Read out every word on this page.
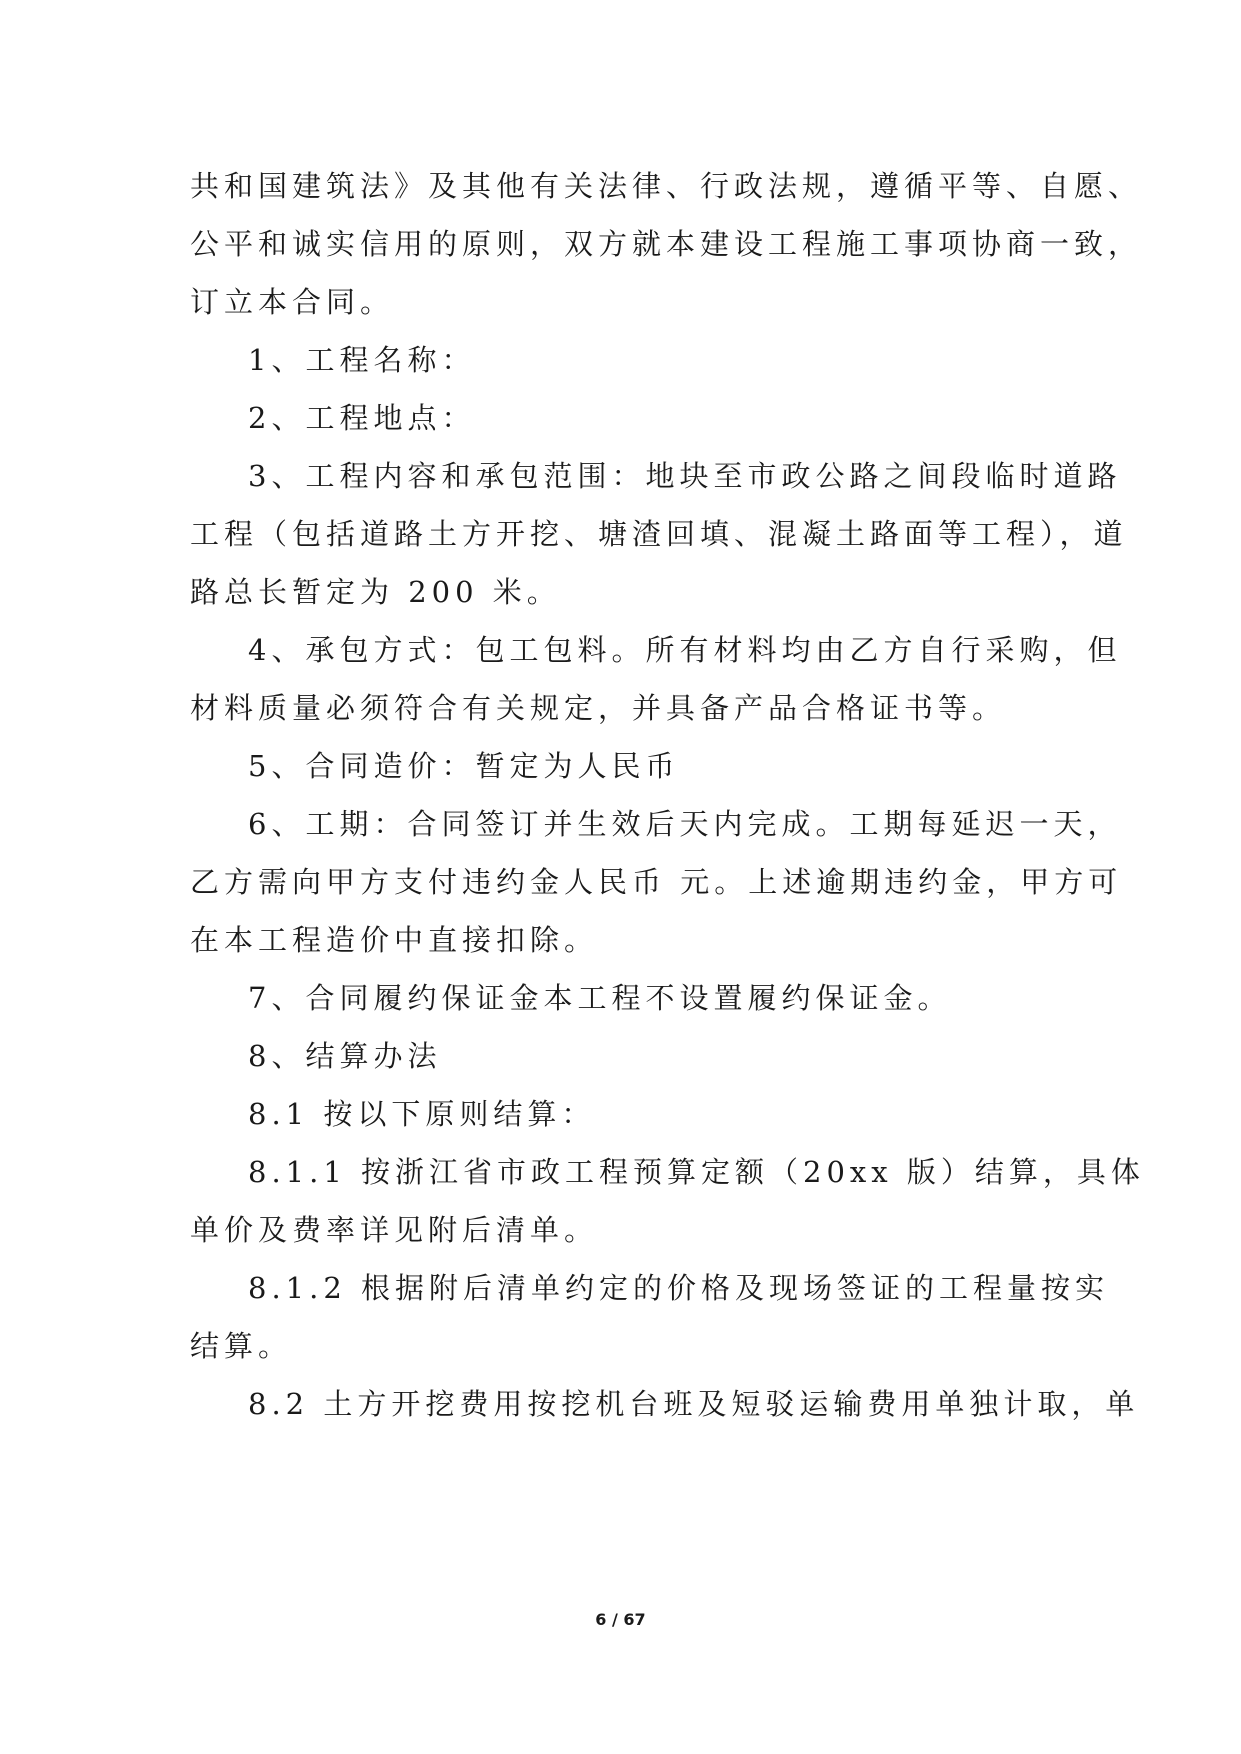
共和国建筑法》及其他有关法律、行政法规，遵循平等、自愿、

公平和诚实信用的原则，双方就本建设工程施工事项协商一致，

订立本合同。

1、工程名称：

2、工程地点：

3、工程内容和承包范围：地块至市政公路之间段临时道路

工程（包括道路土方开挖、塘渣回填、混凝土路面等工程），道

路总长暂定为 200 米。

4、承包方式：包工包料。所有材料均由乙方自行采购，但

材料质量必须符合有关规定，并具备产品合格证书等。

5、合同造价：暂定为人民币

6、工期：合同签订并生效后天内完成。工期每延迟一天，

乙方需向甲方支付违约金人民币 元。上述逾期违约金，甲方可

在本工程造价中直接扣除。

7、合同履约保证金本工程不设置履约保证金。

8、结算办法

8.1 按以下原则结算：

8.1.1 按浙江省市政工程预算定额（20xx 版）结算，具体

单价及费率详见附后清单。

8.1.2 根据附后清单约定的价格及现场签证的工程量按实

结算。

8.2 土方开挖费用按挖机台班及短驳运输费用单独计取，单

6 / 67
